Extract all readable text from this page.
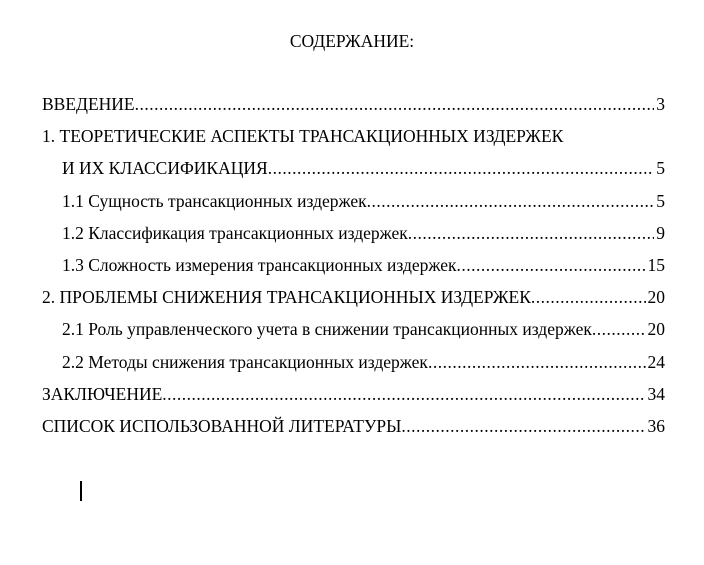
СОДЕРЖАНИЕ:
ВВЕДЕНИЕ .....	3
1. ТЕОРЕТИЧЕСКИЕ АСПЕКТЫ ТРАНСАКЦИОННЫХ ИЗДЕРЖЕК
И ИХ КЛАССИФИКАЦИЯ .....	5
1.1 Сущность трансакционных издержек .....	5
1.2 Классификация трансакционных издержек .....	9
1.3 Сложность измерения трансакционных издержек .....	15
2. ПРОБЛЕМЫ СНИЖЕНИЯ ТРАНСАКЦИОННЫХ ИЗДЕРЖЕК .....	20
2.1 Роль управленческого учета в снижении трансакционных издержек .....	20
2.2 Методы снижения трансакционных издержек .....	24
ЗАКЛЮЧЕНИЕ .....	34
СПИСОК ИСПОЛЬЗОВАННОЙ ЛИТЕРАТУРЫ .....	36
